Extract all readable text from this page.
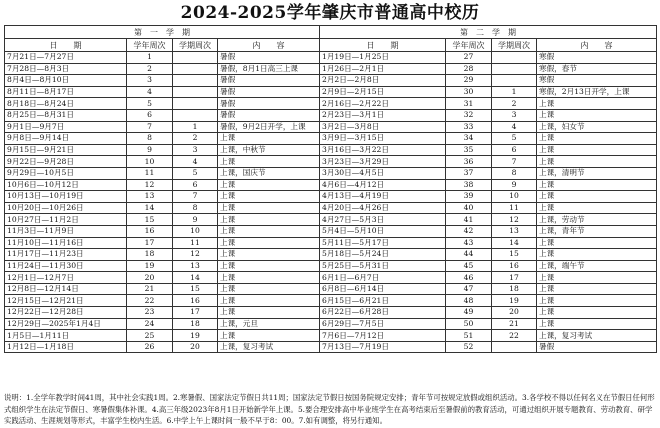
2024-2025学年肇庆市普通高中校历
第　一　学　期				第　二　学　期			
日　　期	学年周次	学期周次	内　　容	日　　期	学年周次	学期周次	内　　容
7月21日—7月27日	1		暑假	1月19日—1月25日	27		寒假
7月28日—8月3日	2		暑假，8月1日高三上课	1月26日—2月1日	28		寒假，春节
8月4日—8月10日	3		暑假	2月2日—2月8日	29		寒假
8月11日—8月17日	4		暑假	2月9日—2月15日	30	1	寒假，2月13日开学，上课
8月18日—8月24日	5		暑假	2月16日—2月22日	31	2	上课
8月25日—8月31日	6		暑假	2月23日—3月1日	32	3	上课
9月1日—9月7日	7	1	暑假，9月2日开学，上课	3月2日—3月8日	33	4	上课，妇女节
9月8日—9月14日	8	2	上课	3月9日—3月15日	34	5	上课
9月15日—9月21日	9	3	上课，中秋节	3月16日—3月22日	35	6	上课
9月22日—9月28日	10	4	上课	3月23日—3月29日	36	7	上课
9月29日—10月5日	11	5	上课，国庆节	3月30日—4月5日	37	8	上课，清明节
10月6日—10月12日	12	6	上课	4月6日—4月12日	38	9	上课
10月13日—10月19日	13	7	上课	4月13日—4月19日	39	10	上课
10月20日—10月26日	14	8	上课	4月20日—4月26日	40	11	上课
10月27日—11月2日	15	9	上课	4月27日—5月3日	41	12	上课，劳动节
11月3日—11月9日	16	10	上课	5月4日—5月10日	42	13	上课，青年节
11月10日—11月16日	17	11	上课	5月11日—5月17日	43	14	上课
11月17日—11月23日	18	12	上课	5月18日—5月24日	44	15	上课
11月24日—11月30日	19	13	上课	5月25日—5月31日	45	16	上课，端午节
12月1日—12月7日	20	14	上课	6月1日—6月7日	46	17	上课
12月8日—12月14日	21	15	上课	6月8日—6月14日	47	18	上课
12月15日—12月21日	22	16	上课	6月15日—6月21日	48	19	上课
12月22日—12月28日	23	17	上课	6月22日—6月28日	49	20	上课
12月29日—2025年1月4日	24	18	上课，元旦	6月29日—7月5日	50	21	上课
1月5日—1月11日	25	19	上课	7月6日—7月12日	51	22	上课，复习考试
1月12日—1月18日	26	20	上课，复习考试	7月13日—7月19日	52		暑假
说明：1.全学年教学时间41周，其中社会实践1周。2.寒暑假、国家法定节假日共11周；国家法定节假日按国务院规定安排；青年节可按规定放假或组织活动。3.各学校不得以任何名义在节假日任何形式组织学生在法定节假日、寒暑假集体补课。4.高三年级2023年8月1日开始新学年上课。5.要合理安排高中毕业班学生在高考结束后至暑假前的教育活动，可通过组织开展专题教育、劳动教育、研学实践活动、生涯规划等形式，丰富学生校内生活。6.中学上午上课时间一般不早于8：00。7.如有调整，将另行通知。
